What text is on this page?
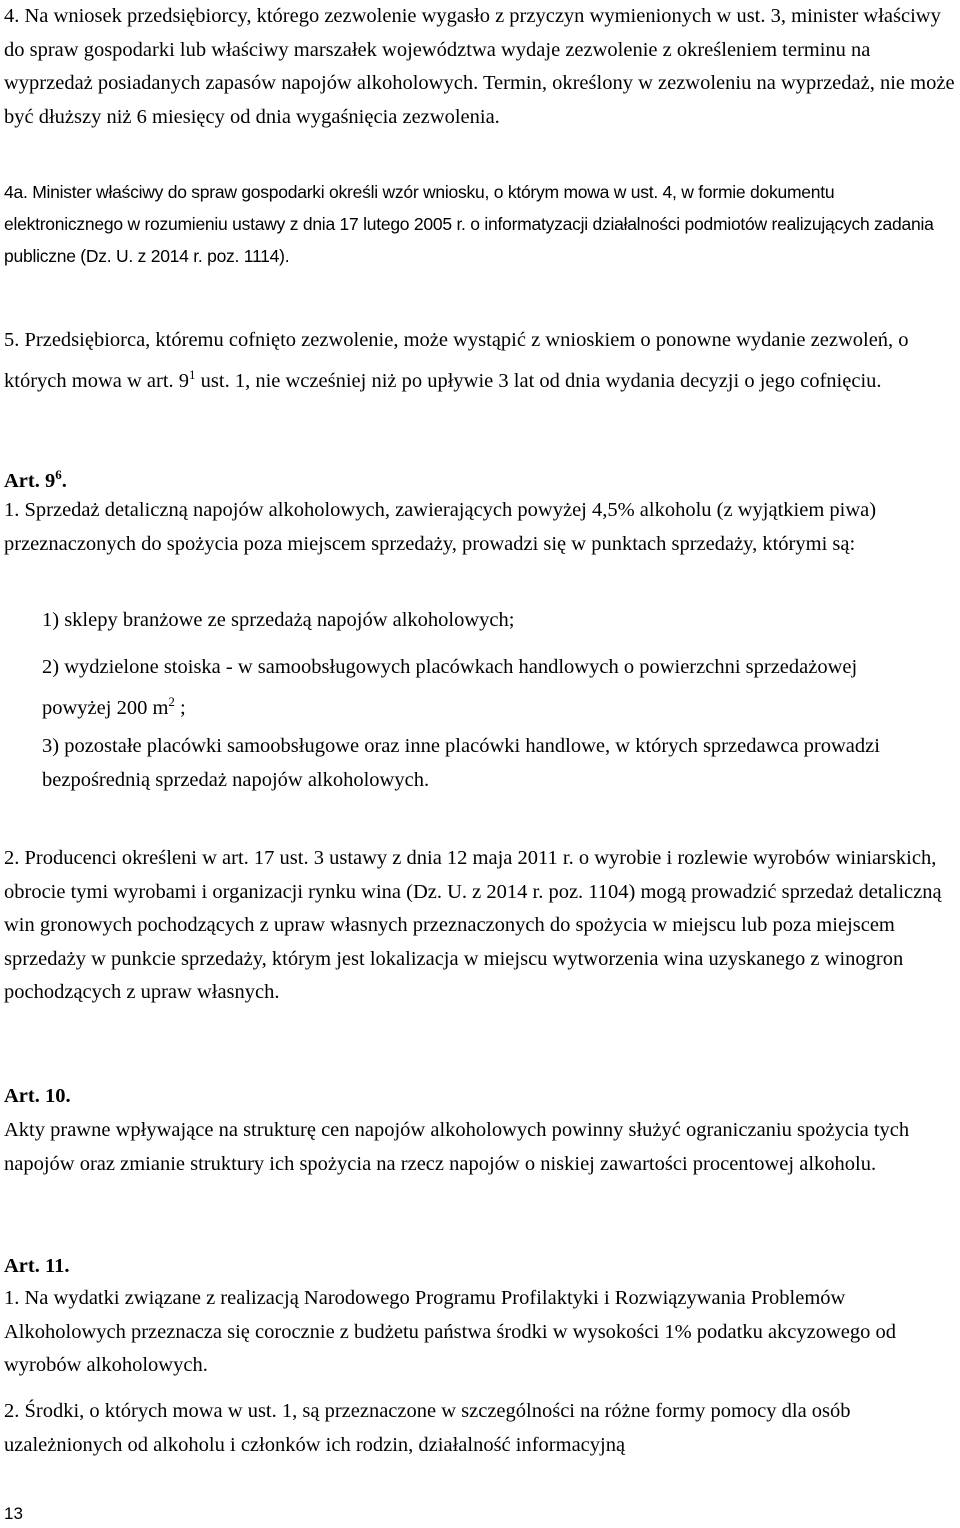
4. Na wniosek przedsiębiorcy, którego zezwolenie wygasło z przyczyn wymienionych w ust. 3, minister właściwy do spraw gospodarki lub właściwy marszałek województwa wydaje zezwolenie z określeniem terminu na wyprzedaż posiadanych zapasów napojów alkoholowych. Termin, określony w zezwoleniu na wyprzedaż, nie może być dłuższy niż 6 miesięcy od dnia wygaśnięcia zezwolenia.

4a. Minister właściwy do spraw gospodarki określi wzór wniosku, o którym mowa w ust. 4, w formie dokumentu elektronicznego w rozumieniu ustawy z dnia 17 lutego 2005 r. o informatyzacji działalności podmiotów realizujących zadania publiczne (Dz. U. z 2014 r. poz. 1114).

5. Przedsiębiorca, któremu cofnięto zezwolenie, może wystąpić z wnioskiem o ponowne wydanie zezwoleń, o których mowa w art. $9^1$ ust. 1, nie wcześniej niż po upływie 3 lat od dnia wydania decyzji o jego cofnięciu.

Art. $9^6$.

1. Sprzedaż detaliczną napojów alkoholowych, zawierających powyżej 4,5% alkoholu (z wyjątkiem piwa) przeznaczonych do spożycia poza miejscem sprzedaży, prowadzi się w punktach sprzedaży, którymi są:

1) sklepy branżowe ze sprzedażą napojów alkoholowych;

2) wydzielone stoiska - w samoobsługowych placówkach handlowych o powierzchni sprzedażowej powyżej 200 $m^2$ ;

3) pozostałe placówki samoobsługowe oraz inne placówki handlowe, w których sprzedawca prowadzi bezpośrednią sprzedaż napojów alkoholowych.

2. Producenci określeni w art. 17 ust. 3 ustawy z dnia 12 maja 2011 r. o wyrobie i rozlewie wyrobów winiarskich, obrocie tymi wyrobami i organizacji rynku wina (Dz. U. z 2014 r. poz. 1104) mogą prowadzić sprzedaż detaliczną win gronowych pochodzących z upraw własnych przeznaczonych do spożycia w miejscu lub poza miejscem sprzedaży w punkcie sprzedaży, którym jest lokalizacja w miejscu wytworzenia wina uzyskanego z winogron pochodzących z upraw własnych.

Art. 10.

Akty prawne wpływające na strukturę cen napojów alkoholowych powinny służyć ograniczaniu spożycia tych napojów oraz zmianie struktury ich spożycia na rzecz napojów o niskiej zawartości procentowej alkoholu.

Art. 11.

1. Na wydatki związane z realizacją Narodowego Programu Profilaktyki i Rozwiązywania Problemów Alkoholowych przeznacza się corocznie z budżetu państwa środki w wysokości 1% podatku akcyzowego od wyrobów alkoholowych.

2. Środki, o których mowa w ust. 1, są przeznaczone w szczególności na różne formy pomocy dla osób uzależnionych od alkoholu i członków ich rodzin, działalność informacyjną

13
